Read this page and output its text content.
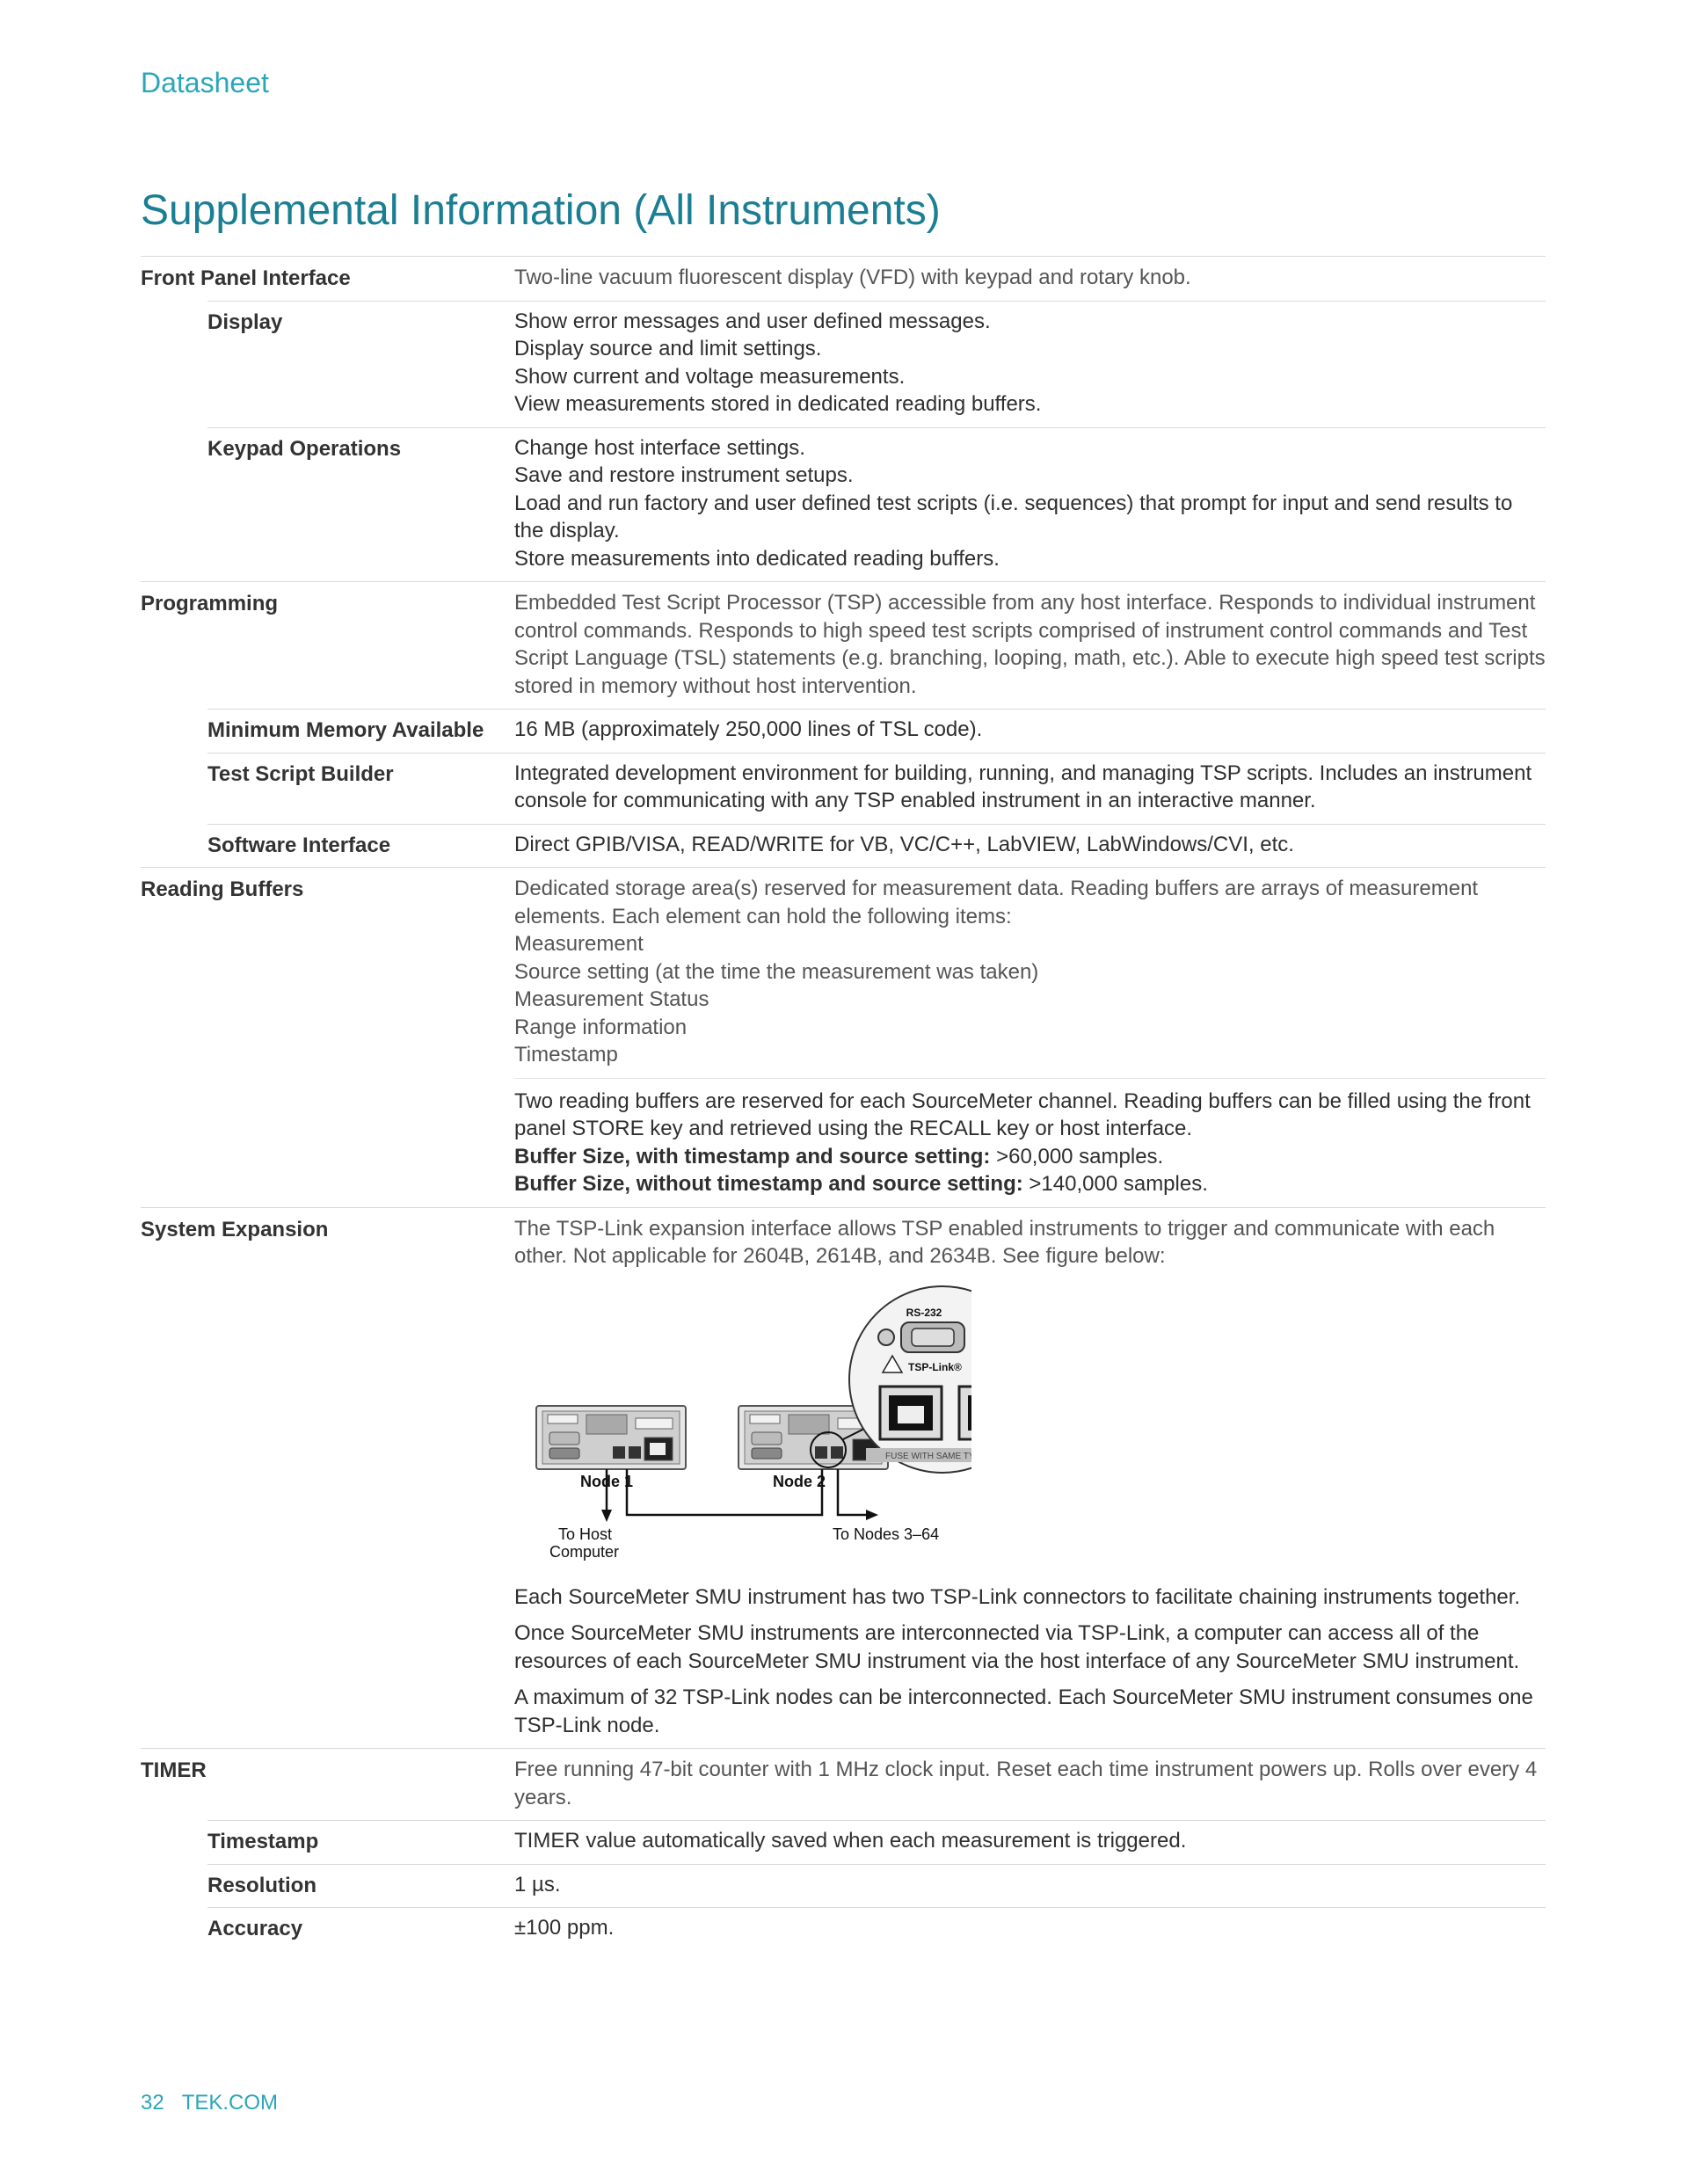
Datasheet
Supplemental Information (All Instruments)
Front Panel Interface	Two-line vacuum fluorescent display (VFD) with keypad and rotary knob.
Display	Show error messages and user defined messages.

Display source and limit settings.

Show current and voltage measurements.

View measurements stored in dedicated reading buffers.

Keypad Operations	Change host interface settings.

Save and restore instrument setups.

Load and run factory and user defined test scripts (i.e. sequences) that prompt for input and send results to the display.

Store measurements into dedicated reading buffers.

Programming	Embedded Test Script Processor (TSP) accessible from any host interface. Responds to individual instrument control commands. Responds to high speed test scripts comprised of instrument control commands and Test Script Language (TSL) statements (e.g. branching, looping, math, etc.). Able to execute high speed test scripts stored in memory without host intervention.
Minimum Memory Available 16 MB (approximately 250,000 lines of TSL code).
Test Script Builder	Integrated development environment for building, running, and managing TSP scripts. Includes an instrument console for communicating with any TSP enabled instrument in an interactive manner.
Software Interface	Direct GPIB/VISA, READ/WRITE for VB, VC/C++, LabVIEW, LabWindows/CVI, etc.
Reading Buffers	Dedicated storage area(s) reserved for measurement data. Reading buffers are arrays of measurement elements. Each element can hold the following items:

Measurement

Source setting (at the time the measurement was taken)

Measurement Status

Range information

Timestamp

Two reading buffers are reserved for each SourceMeter channel. Reading buffers can be filled using the front panel STORE key and retrieved using the RECALL key or host interface.

Buffer Size, with timestamp and source setting: >60,000 samples.

Buffer Size, without timestamp and source setting: >140,000 samples.

System Expansion	The TSP-Link expansion interface allows TSP enabled instruments to trigger and communicate with each other. Not applicable for 2604B, 2614B, and 2634B. See figure below:

RS-232
TSP-Link®
FUSE WITH SAME TY
Node 1	Node 2
To Host
Computer
To Nodes 3–64

Each SourceMeter SMU instrument has two TSP-Link connectors to facilitate chaining instruments together.

Once SourceMeter SMU instruments are interconnected via TSP-Link, a computer can access all of the resources of each SourceMeter SMU instrument via the host interface of any SourceMeter SMU instrument.

A maximum of 32 TSP-Link nodes can be interconnected. Each SourceMeter SMU instrument consumes one TSP-Link node.

TIMER	Free running 47-bit counter with 1 MHz clock input. Reset each time instrument powers up. Rolls over every 4 years.
Timestamp	TIMER value automatically saved when each measurement is triggered.
Resolution	1 µs.
Accuracy	±100 ppm.
32 TEK.COM
